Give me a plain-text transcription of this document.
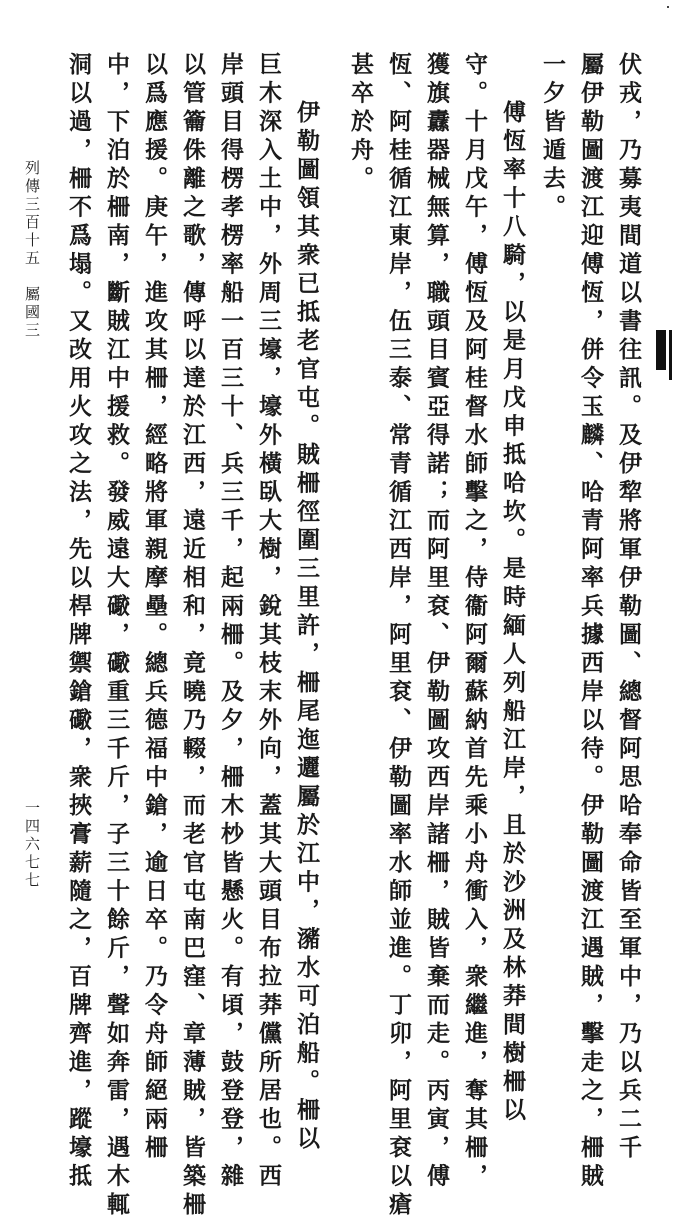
伏戎，乃募夷間道以書往訊。及伊犂將軍伊勒圖、總督阿思哈奉命皆至軍中，乃以兵二千
屬伊勒圖渡江迎傅恆，併令玉麟、哈青阿率兵據西岸以待。伊勒圖渡江遇賊，擊走之，柵賊
一夕皆遁去。
傅恆率十八騎，以是月戊申抵哈坎。是時緬人列船江岸，且於沙洲及林莽間樹柵以
守。十月戊午，傅恆及阿桂督水師擊之，侍衞阿爾蘇納首先乘小舟衝入，衆繼進，奪其柵，
獲旗纛器械無算，職頭目賓亞得諾；而阿里袞、伊勒圖攻西岸諸柵，賊皆棄而走。丙寅，傅
恆、阿桂循江東岸，伍三泰、常青循江西岸，阿里袞、伊勒圖率水師並進。丁卯，阿里袞以瘡
甚卒於舟。
伊勒圖領其衆已抵老官屯。賊柵徑圍三里許，柵尾迤邐屬於江中，瀦水可泊船。柵以
巨木深入土中，外周三壕，壕外橫臥大樹，銳其枝末外向，蓋其大頭目布拉莽儻所居也。西
岸頭目得楞孝楞率船一百三十、兵三千，起兩柵。及夕，柵木杪皆懸火。有頃，鼓登登，雜
以管籥侏離之歌，傳呼以達於江西，遠近相和，竟曉乃輟，而老官屯南巴窪、章薄賊，皆築柵
以爲應援。庚午，進攻其柵，經略將軍親摩壘。總兵德福中鎗，逾日卒。乃令舟師絕兩柵
中，下泊於柵南，斷賊江中援救。發威遠大礮，礮重三千斤，子三十餘斤，聲如奔雷，遇木輒
洞以過，柵不爲塌。又改用火攻之法，先以桿牌禦鎗礮，衆挾膏薪隨之，百牌齊進，蹤壕抵
列傳三百十五　屬國三
一四六七七
